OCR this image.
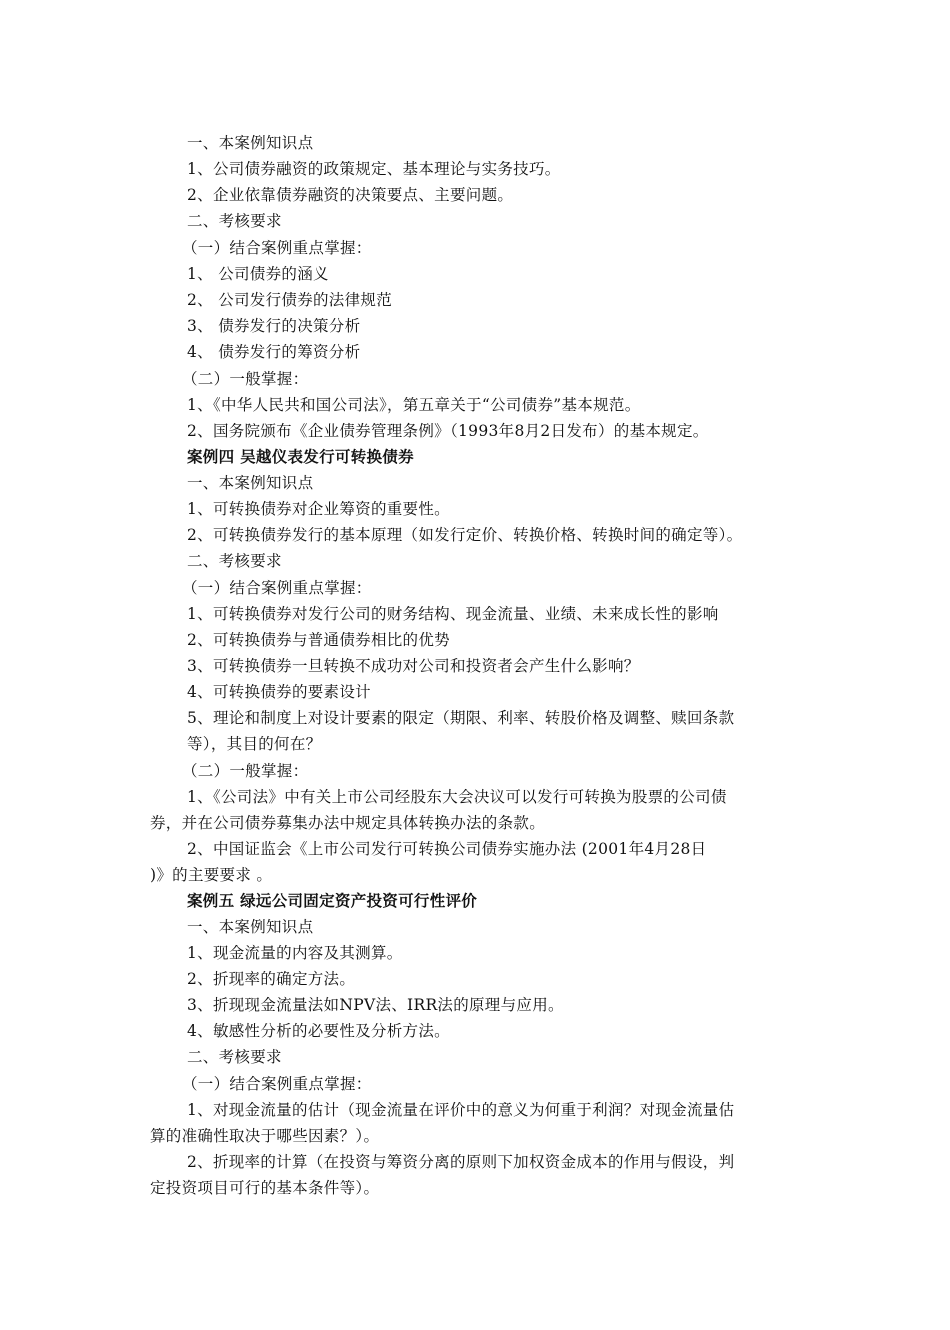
一、本案例知识点
1、公司债券融资的政策规定、基本理论与实务技巧。
2、企业依靠债券融资的决策要点、主要问题。
二、考核要求
（一）结合案例重点掌握：
1、 公司债券的涵义
2、 公司发行债券的法律规范
3、 债券发行的决策分析
4、 债券发行的筹资分析
（二）一般掌握：
1、《中华人民共和国公司法》，第五章关于“公司债券”基本规范。
2、国务院颁布《企业债券管理条例》（1993年8月2日发布）的基本规定。
案例四 吴越仪表发行可转换债券
一、本案例知识点
1、可转换债券对企业筹资的重要性。
2、可转换债券发行的基本原理（如发行定价、转换价格、转换时间的确定等）。
二、考核要求
（一）结合案例重点掌握：
1、可转换债券对发行公司的财务结构、现金流量、业绩、未来成长性的影响
2、可转换债券与普通债券相比的优势
3、可转换债券一旦转换不成功对公司和投资者会产生什么影响？
4、可转换债券的要素设计
5、理论和制度上对设计要素的限定（期限、利率、转股价格及调整、赎回条款
等），其目的何在？
（二）一般掌握：
1、《公司法》中有关上市公司经股东大会决议可以发行可转换为股票的公司债
券，并在公司债券募集办法中规定具体转换办法的条款。
2、中国证监会《上市公司发行可转换公司债券实施办法 (2001年4月28日
)》的主要要求 。
案例五 绿远公司固定资产投资可行性评价
一、本案例知识点
1、现金流量的内容及其测算。
2、折现率的确定方法。
3、折现现金流量法如NPV法、IRR法的原理与应用。
4、敏感性分析的必要性及分析方法。
二、考核要求
（一）结合案例重点掌握：
1、对现金流量的估计（现金流量在评价中的意义为何重于利润？对现金流量估
算的准确性取决于哪些因素？）。
2、折现率的计算（在投资与筹资分离的原则下加权资金成本的作用与假设，判
定投资项目可行的基本条件等）。
